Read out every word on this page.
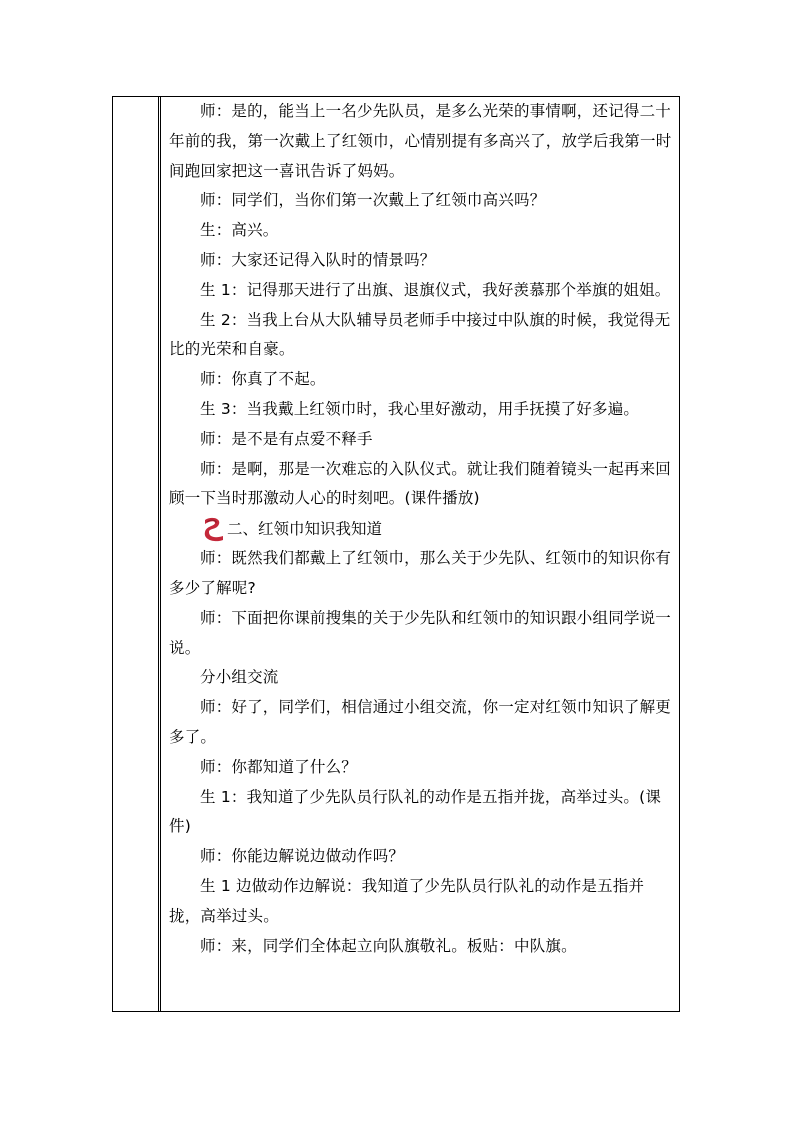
师：是的，能当上一名少先队员，是多么光荣的事情啊，还记得二十年前的我，第一次戴上了红领巾，心情别提有多高兴了，放学后我第一时间跑回家把这一喜讯告诉了妈妈。

师：同学们，当你们第一次戴上了红领巾高兴吗？

生：高兴。

师：大家还记得入队时的情景吗？

生 1：记得那天进行了出旗、退旗仪式，我好羡慕那个举旗的姐姐。

生 2：当我上台从大队辅导员老师手中接过中队旗的时候，我觉得无比的光荣和自豪。

师：你真了不起。

生 3：当我戴上红领巾时，我心里好激动，用手抚摸了好多遍。

师：是不是有点爱不释手

师：是啊，那是一次难忘的入队仪式。就让我们随着镜头一起再来回顾一下当时那激动人心的时刻吧。(课件播放)

二、红领巾知识我知道

师：既然我们都戴上了红领巾，那么关于少先队、红领巾的知识你有多少了解呢?

师：下面把你课前搜集的关于少先队和红领巾的知识跟小组同学说一说。

分小组交流

师：好了，同学们，相信通过小组交流，你一定对红领巾知识了解更多了。

师：你都知道了什么？

生 1：我知道了少先队员行队礼的动作是五指并拢，高举过头。(课件)

师：你能边解说边做动作吗？

生 1 边做动作边解说：我知道了少先队员行队礼的动作是五指并拢，高举过头。

师：来，同学们全体起立向队旗敬礼。板贴：中队旗。
